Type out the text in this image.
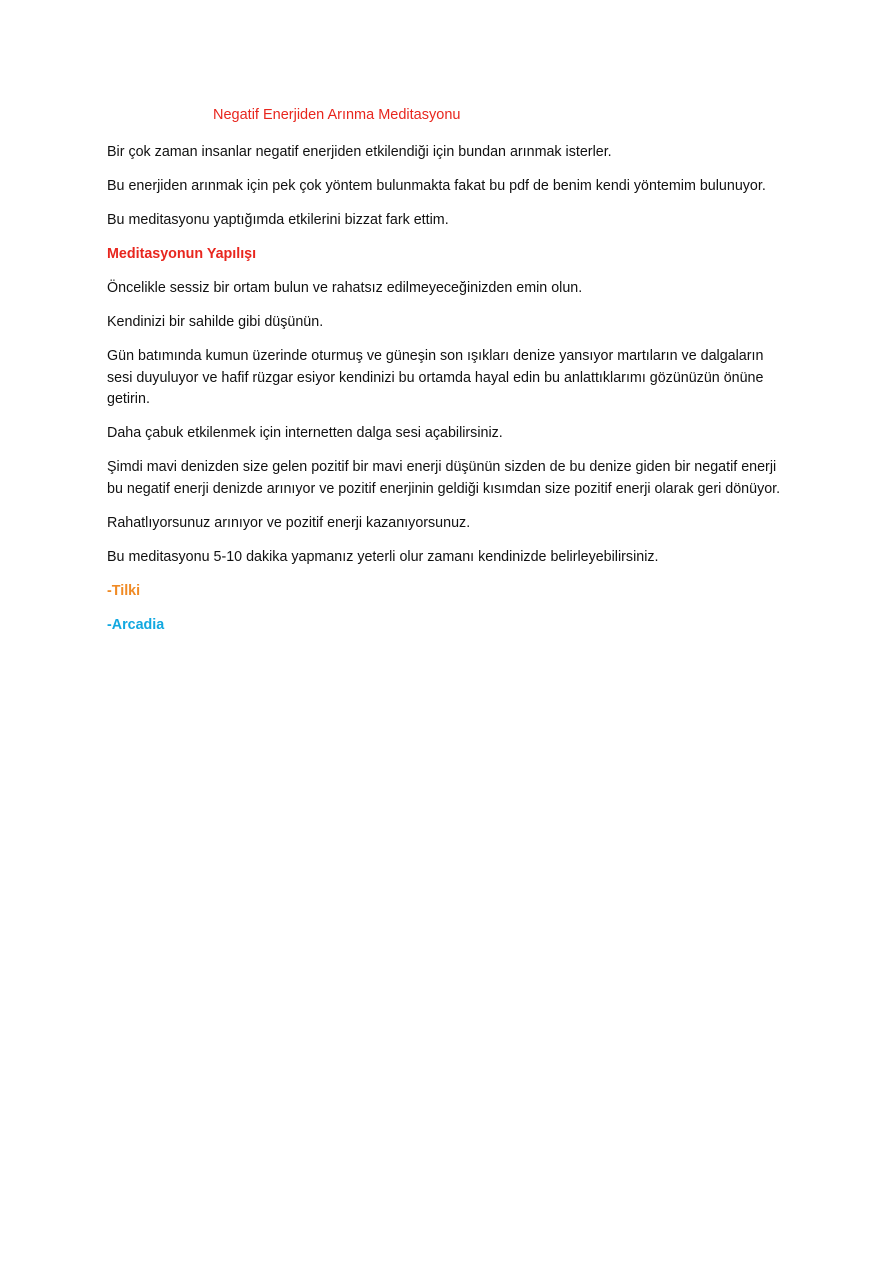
Negatif Enerjiden Arınma Meditasyonu

Bir çok zaman insanlar negatif enerjiden etkilendiği için bundan arınmak isterler.

Bu enerjiden arınmak için pek çok yöntem bulunmakta fakat bu pdf de benim kendi yöntemim bulunuyor.

Bu meditasyonu yaptığımda etkilerini bizzat fark ettim.

Meditasyonun Yapılışı

Öncelikle sessiz bir ortam bulun ve rahatsız edilmeyeceğinizden emin olun.

Kendinizi bir sahilde gibi düşünün.

Gün batımında kumun üzerinde oturmuş ve güneşin son ışıkları denize yansıyor martıların ve dalgaların sesi duyuluyor ve hafif rüzgar esiyor kendinizi bu ortamda hayal edin bu anlattıklarımı gözünüzün önüne getirin.

Daha çabuk etkilenmek için internetten dalga sesi açabilirsiniz.

Şimdi mavi denizden size gelen pozitif bir mavi enerji düşünün sizden de bu denize giden bir negatif enerji bu negatif enerji denizde arınıyor ve pozitif enerjinin geldiği kısımdan size pozitif enerji olarak geri dönüyor.

Rahatlıyorsunuz arınıyor ve pozitif enerji kazanıyorsunuz.

Bu meditasyonu 5-10 dakika yapmanız yeterli olur zamanı kendinizde belirleyebilirsiniz.

-Tilki

-Arcadia
